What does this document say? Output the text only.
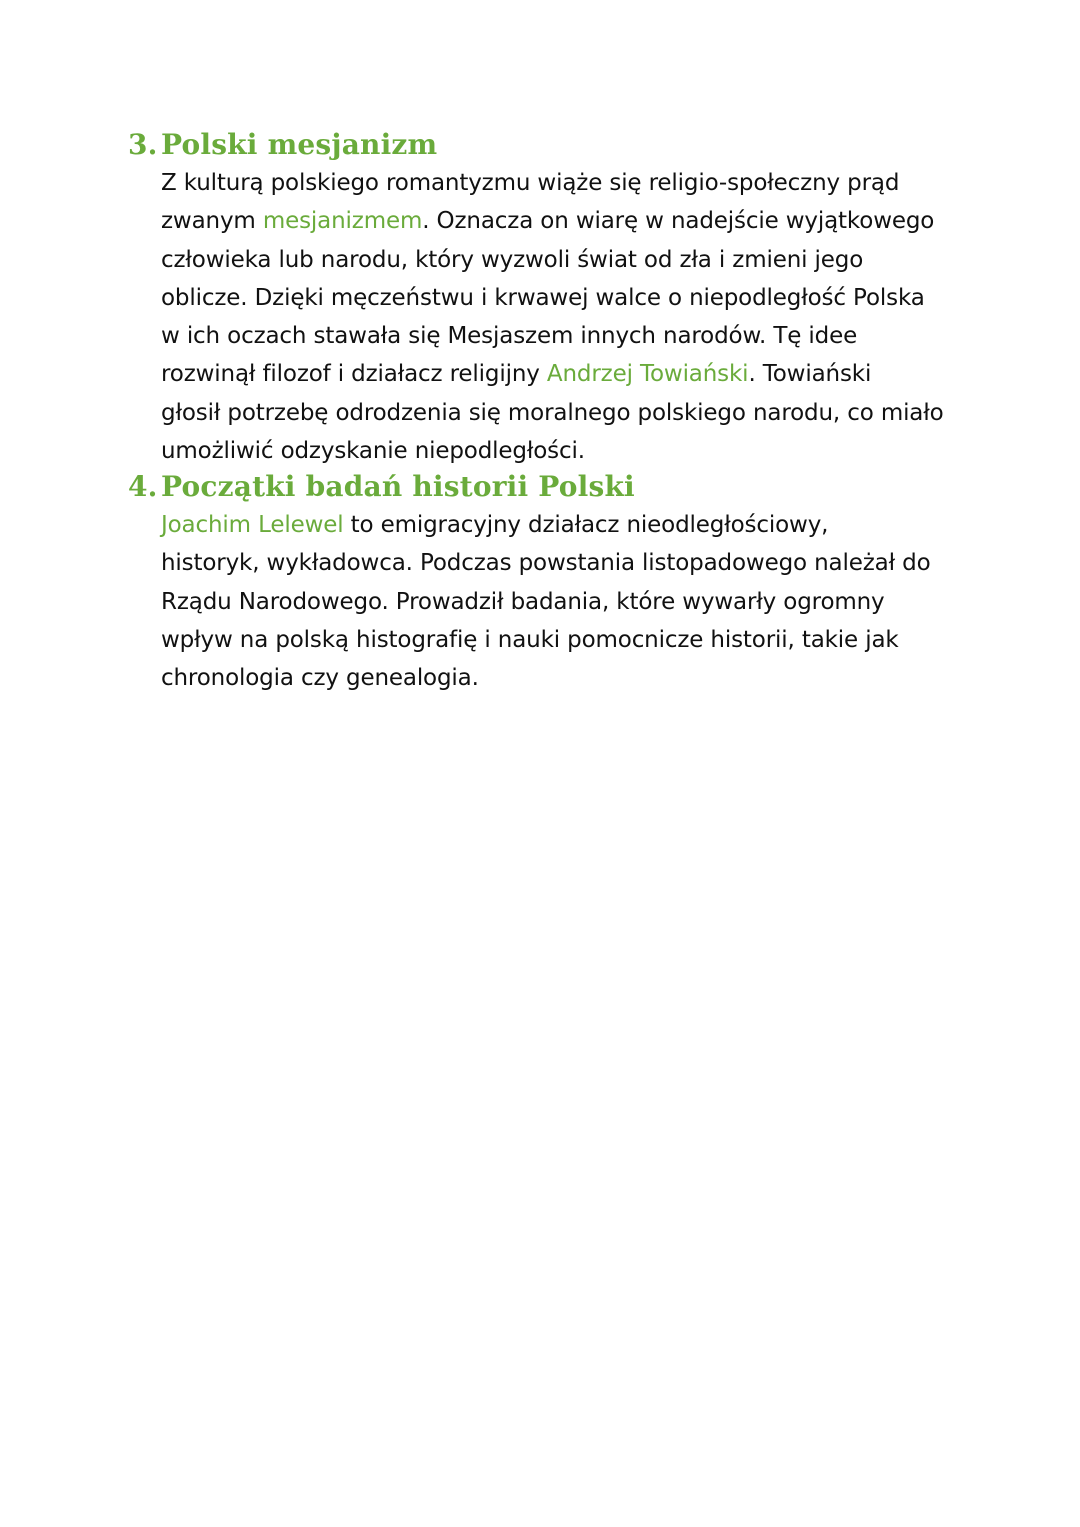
3. Polski mesjanizm
Z kulturą polskiego romantyzmu wiąże się religio-społeczny prąd
zwanym mesjanizmem. Oznacza on wiarę w nadejście wyjątkowego
człowieka lub narodu, który wyzwoli świat od zła i zmieni jego
oblicze. Dzięki męczeństwu i krwawej walce o niepodległość Polska
w ich oczach stawała się Mesjaszem innych narodów. Tę idee
rozwinął filozof i działacz religijny Andrzej Towiański. Towiański
głosił potrzebę odrodzenia się moralnego polskiego narodu, co miało
umożliwić odzyskanie niepodległości.
4. Początki badań historii Polski
Joachim Lelewel to emigracyjny działacz nieodległościowy,
historyk, wykładowca. Podczas powstania listopadowego należał do
Rządu Narodowego. Prowadził badania, które wywarły ogromny
wpływ na polską histografię i nauki pomocnicze historii, takie jak
chronologia czy genealogia.
